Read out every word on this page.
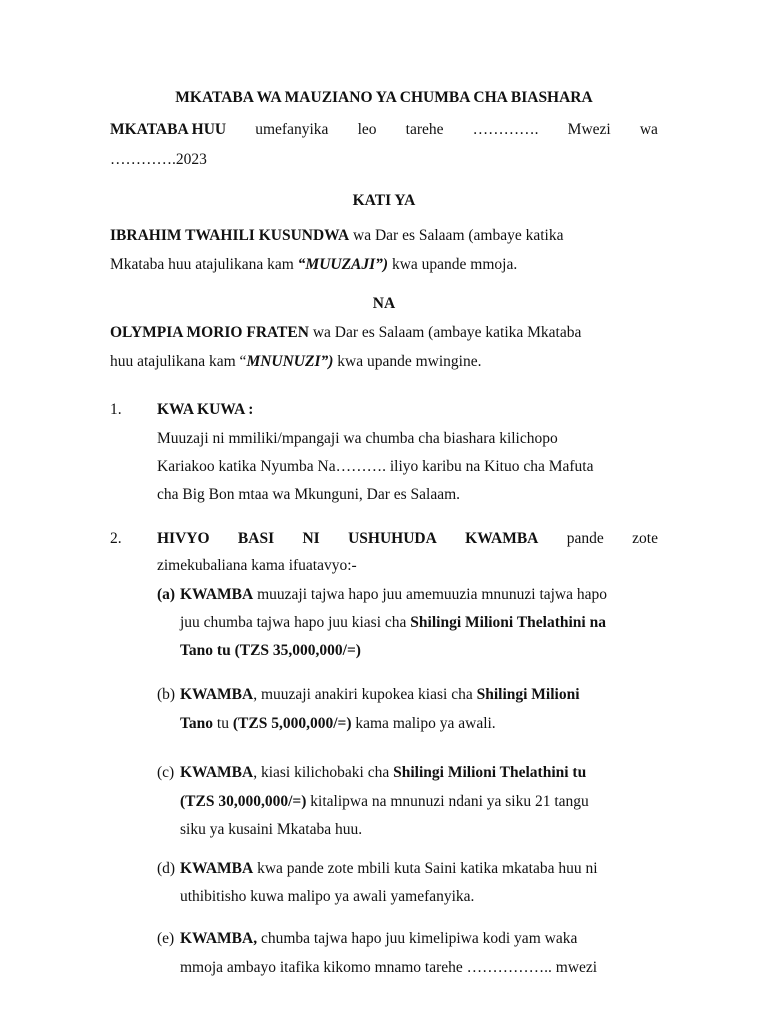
MKATABA WA MAUZIANO YA CHUMBA CHA BIASHARA
MKATABA HUU umefanyika leo tarehe …………. Mwezi wa
………….2023
KATI YA
IBRAHIM TWAHILI KUSUNDWA wa Dar es Salaam (ambaye katika
Mkataba huu atajulikana kam “MUUZAJI”) kwa upande mmoja.
NA
OLYMPIA MORIO FRATEN wa Dar es Salaam (ambaye katika Mkataba
huu atajulikana kam “MNUNUZI”) kwa upande mwingine.
1. KWA KUWA :
Muuzaji ni mmiliki/mpangaji wa chumba cha biashara kilichopo
Kariakoo katika Nyumba Na………. iliyo karibu na Kituo cha Mafuta
cha Big Bon mtaa wa Mkunguni, Dar es Salaam.
2. HIVYO BASI NI USHUHUDA KWAMBA pande zote
zimekubaliana kama ifuatavyo:-
(a) KWAMBA muuzaji tajwa hapo juu amemuuzia mnunuzi tajwa hapo
juu chumba tajwa hapo juu kiasi cha Shilingi Milioni Thelathini na
Tano tu (TZS 35,000,000/=)
(b) KWAMBA, muuzaji anakiri kupokea kiasi cha Shilingi Milioni
Tano tu (TZS 5,000,000/=) kama malipo ya awali.
(c) KWAMBA, kiasi kilichobaki cha Shilingi Milioni Thelathini tu
(TZS 30,000,000/=) kitalipwa na mnunuzi ndani ya siku 21 tangu
siku ya kusaini Mkataba huu.
(d) KWAMBA kwa pande zote mbili kuta Saini katika mkataba huu ni
uthibitisho kuwa malipo ya awali yamefanyika.
(e) KWAMBA, chumba tajwa hapo juu kimelipiwa kodi yam waka
mmoja ambayo itafika kikomo mnamo tarehe …………….. mwezi
